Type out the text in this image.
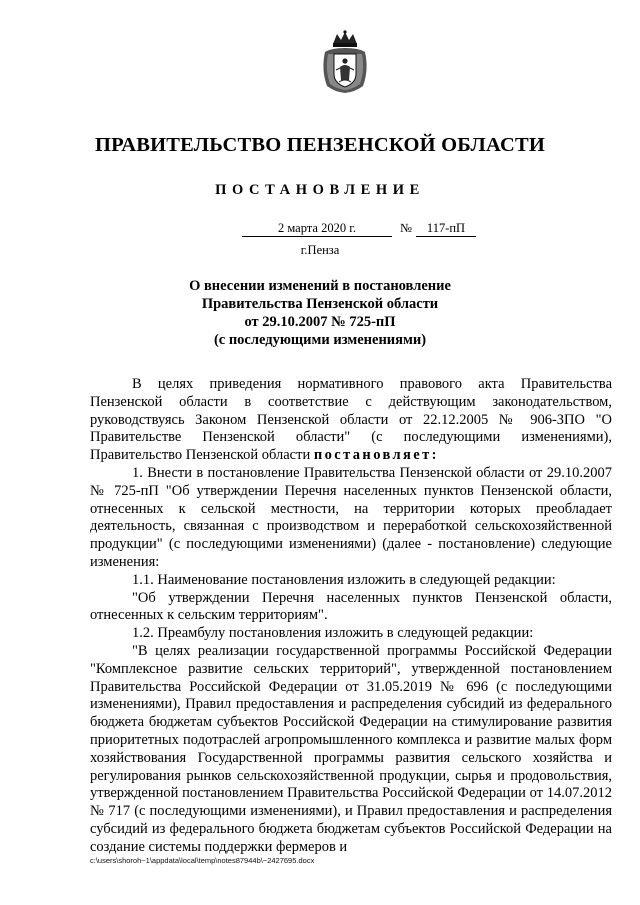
ПРАВИТЕЛЬСТВО ПЕНЗЕНСКОЙ ОБЛАСТИ
ПОСТАНОВЛЕНИЕ
2 марта 2020 г.	№	117-пП
г.Пенза
О внесении изменений в постановление
Правительства Пензенской области
от 29.10.2007 № 725-пП
(с последующими изменениями)

В целях приведения нормативного правового акта Правительства Пензенской области в соответствие с действующим законодательством, руководствуясь Законом Пензенской области от 22.12.2005 № 906-ЗПО "О Правительстве Пензенской области" (с последующими изменениями), Правительство Пензенской области постановляет:

1. Внести в постановление Правительства Пензенской области от 29.10.2007 № 725-пП "Об утверждении Перечня населенных пунктов Пензенской области, отнесенных к сельской местности, на территории которых преобладает деятельность, связанная с производством и переработкой сельскохозяйственной продукции" (с последующими изменениями) (далее - постановление) следующие изменения:

1.1. Наименование постановления изложить в следующей редакции:

"Об утверждении Перечня населенных пунктов Пензенской области, отнесенных к сельским территориям".

1.2. Преамбулу постановления изложить в следующей редакции:

"В целях реализации государственной программы Российской Федерации "Комплексное развитие сельских территорий", утвержденной постановлением Правительства Российской Федерации от 31.05.2019 № 696 (с последующими изменениями), Правил предоставления и распределения субсидий из федерального бюджета бюджетам субъектов Российской Федерации на стимулирование развития приоритетных подотраслей агропромышленного комплекса и развитие малых форм хозяйствования Государственной программы развития сельского хозяйства и регулирования рынков сельскохозяйственной продукции, сырья и продовольствия, утвержденной постановлением Правительства Российской Федерации от 14.07.2012 № 717 (с последующими изменениями), и Правил предоставления и распределения субсидий из федерального бюджета бюджетам субъектов Российской Федерации на создание системы поддержки фермеров и

c:\users\shoroh~1\appdata\local\temp\notes87944b\~2427695.docx
